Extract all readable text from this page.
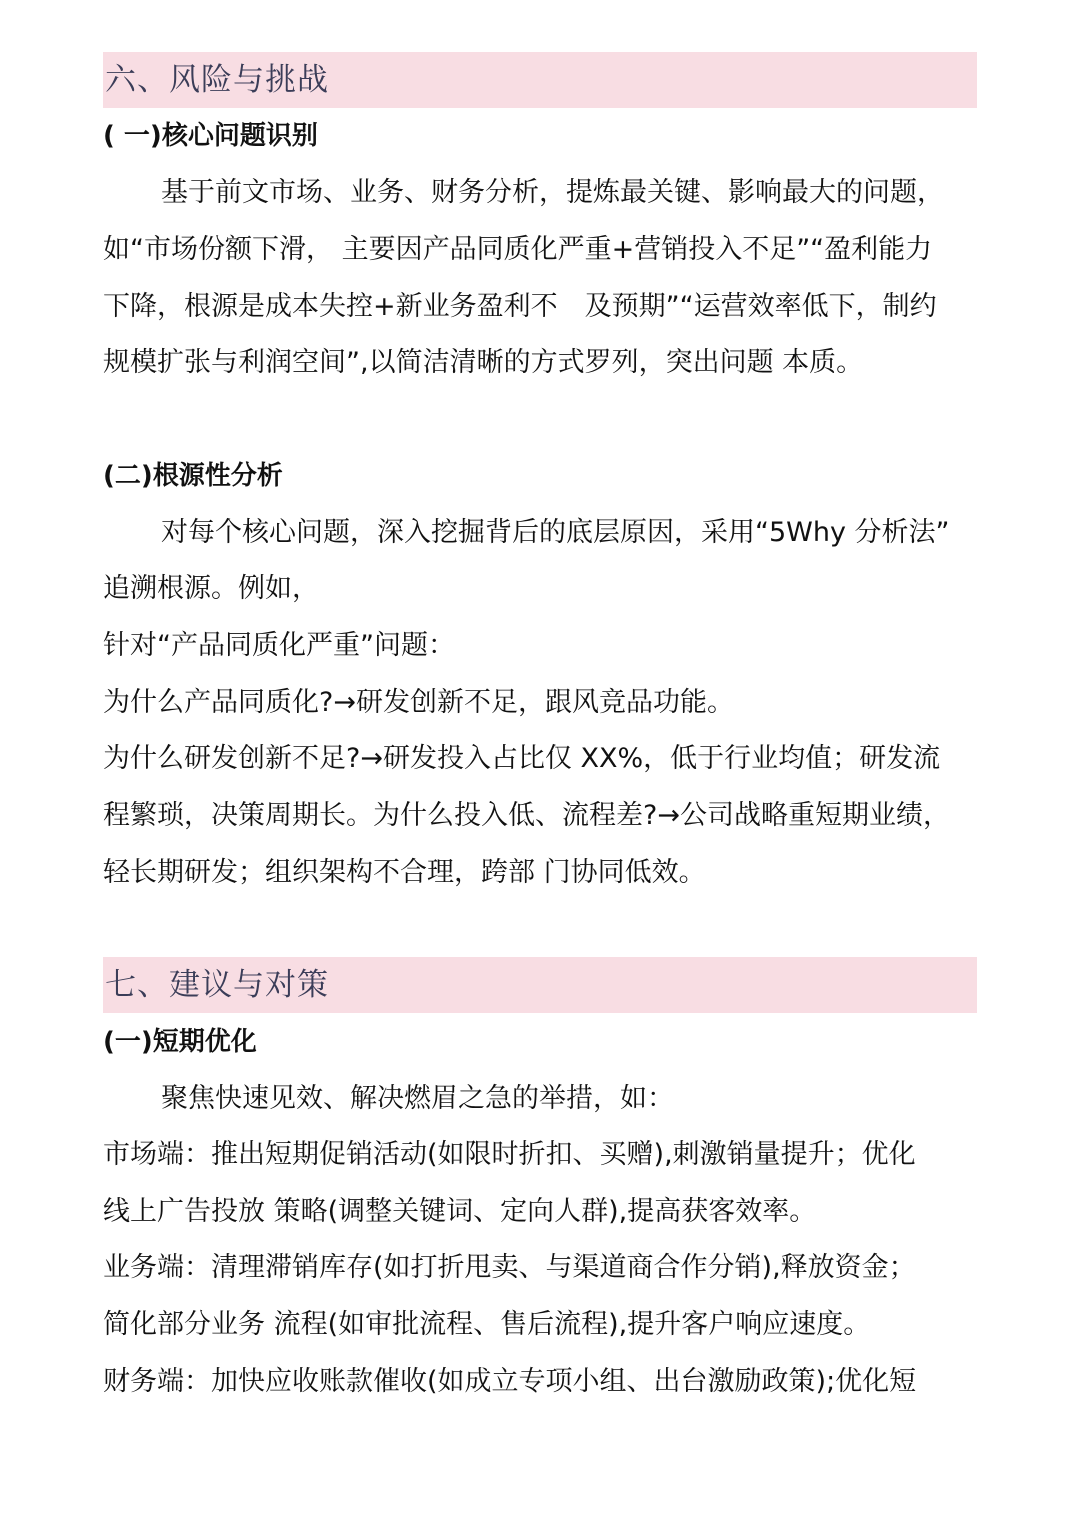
六、风险与挑战
( 一)核心问题识别
基于前文市场、业务、财务分析，提炼最关键、影响最大的问题，
如“市场份额下滑， 主要因产品同质化严重+营销投入不足”“盈利能力
下降，根源是成本失控+新业务盈利不　及预期”“运营效率低下，制约
规模扩张与利润空间”,以简洁清晰的方式罗列，突出问题 本质。
(二)根源性分析
对每个核心问题，深入挖掘背后的底层原因，采用“5Why 分析法”
追溯根源。例如，
针对“产品同质化严重”问题：
为什么产品同质化?→研发创新不足，跟风竞品功能。
为什么研发创新不足?→研发投入占比仅 XX%，低于行业均值；研发流
程繁琐，决策周期长。为什么投入低、流程差?→公司战略重短期业绩，
轻长期研发；组织架构不合理，跨部 门协同低效。
七、建议与对策
(一)短期优化
聚焦快速见效、解决燃眉之急的举措，如：
市场端：推出短期促销活动(如限时折扣、买赠),刺激销量提升；优化
线上广告投放 策略(调整关键词、定向人群),提高获客效率。
业务端：清理滞销库存(如打折甩卖、与渠道商合作分销),释放资金；
简化部分业务 流程(如审批流程、售后流程),提升客户响应速度。
财务端：加快应收账款催收(如成立专项小组、出台激励政策);优化短
